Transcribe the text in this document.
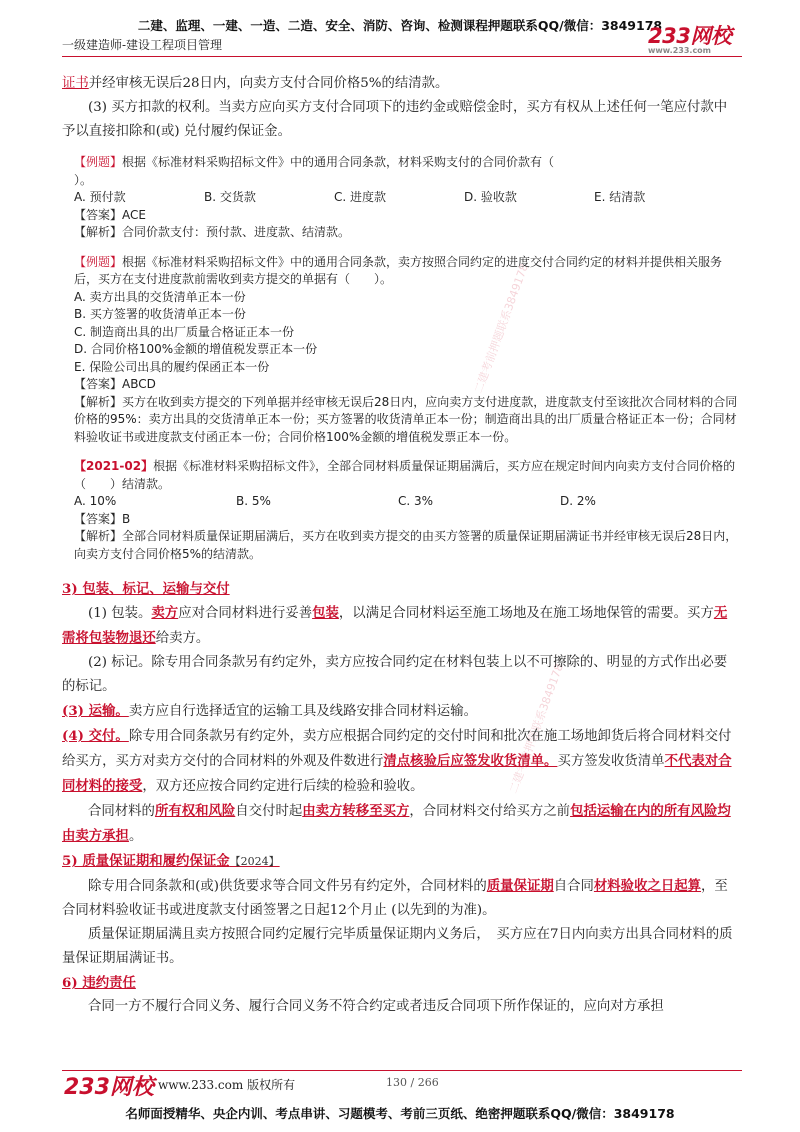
二建、监理、一建、一造、二造、安全、消防、咨询、检测课程押题联系QQ/微信：3849178
一级建造师-建设工程项目管理	233网校
www.233.com
二建考前押题联系3849178
二建考前押题联系3849178

证书并经审核无误后28日内，向卖方支付合同价格5%的结清款。

(3) 买方扣款的权利。当卖方应向买方支付合同项下的违约金或赔偿金时，买方有权从上述任何一笔应付款中予以直接扣除和(或) 兑付履约保证金。

【例题】根据《标准材料采购招标文件》中的通用合同条款，材料采购支付的合同价款有（

）。

A. 预付款	B. 交货款	C. 进度款	D. 验收款	E. 结清款

【答案】ACE

【解析】合同价款支付：预付款、进度款、结清款。

【例题】根据《标准材料采购招标文件》中的通用合同条款，卖方按照合同约定的进度交付合同约定的材料并提供相关服务后，买方在支付进度款前需收到卖方提交的单据有（　　）。

A. 卖方出具的交货清单正本一份

B. 买方签署的收货清单正本一份

C. 制造商出具的出厂质量合格证正本一份

D. 合同价格100%金额的增值税发票正本一份

E. 保险公司出具的履约保函正本一份

【答案】ABCD

【解析】买方在收到卖方提交的下列单据并经审核无误后28日内，应向卖方支付进度款，进度款支付至该批次合同材料的合同价格的95%：卖方出具的交货清单正本一份；买方签署的收货清单正本一份；制造商出具的出厂质量合格证正本一份；合同材料验收证书或进度款支付函正本一份；合同价格100%金额的增值税发票正本一份。

【2021-02】根据《标准材料采购招标文件》，全部合同材料质量保证期届满后，买方应在规定时间内向卖方支付合同价格的（　　）结清款。

A. 10%	B. 5%	C. 3%	D. 2%

【答案】B

【解析】全部合同材料质量保证期届满后，买方在收到卖方提交的由买方签署的质量保证期届满证书并经审核无误后28日内，向卖方支付合同价格5%的结清款。

3) 包装、标记、运输与交付

(1) 包装。卖方应对合同材料进行妥善包装，以满足合同材料运至施工场地及在施工场地保管的需要。买方无需将包装物退还给卖方。

(2) 标记。除专用合同条款另有约定外，卖方应按合同约定在材料包装上以不可擦除的、明显的方式作出必要的标记。

(3) 运输。卖方应自行选择适宜的运输工具及线路安排合同材料运输。

(4) 交付。除专用合同条款另有约定外，卖方应根据合同约定的交付时间和批次在施工场地卸货后将合同材料交付给买方，买方对卖方交付的合同材料的外观及件数进行清点核验后应签发收货清单。买方签发收货清单不代表对合同材料的接受，双方还应按合同约定进行后续的检验和验收。

合同材料的所有权和风险自交付时起由卖方转移至买方，合同材料交付给买方之前包括运输在内的所有风险均由卖方承担。

5) 质量保证期和履约保证金【2024】

除专用合同条款和(或)供货要求等合同文件另有约定外，合同材料的质量保证期自合同材料验收之日起算，至合同材料验收证书或进度款支付函签署之日起12个月止 (以先到的为准)。

质量保证期届满且卖方按照合同约定履行完毕质量保证期内义务后，　买方应在7日内向卖方出具合同材料的质量保证期届满证书。

6) 违约责任

合同一方不履行合同义务、履行合同义务不符合约定或者违反合同项下所作保证的，应向对方承担

233网校 www.233.com 版权所有	130 / 266
名师面授精华、央企内训、考点串讲、习题模考、考前三页纸、绝密押题联系QQ/微信：3849178
